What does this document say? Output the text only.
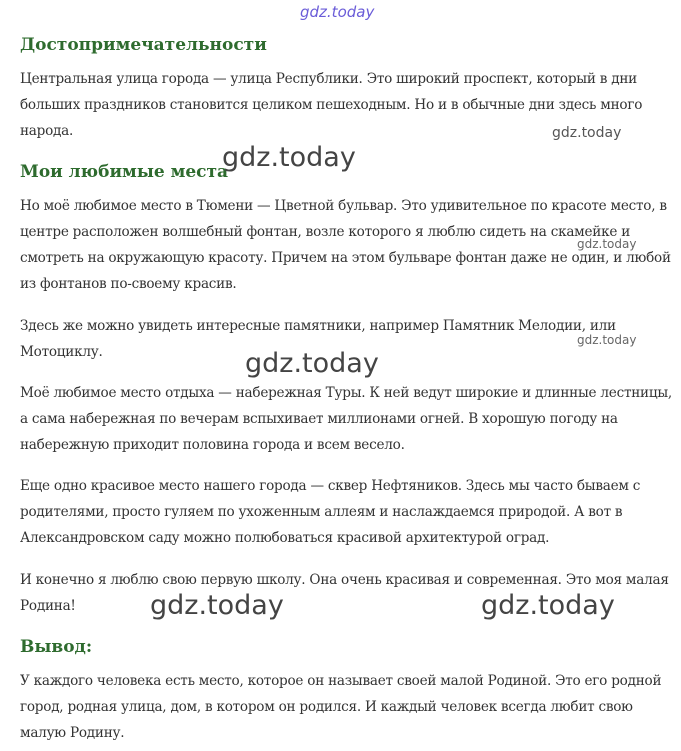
gdz.today
Достопримечательности

Центральная улица города — улица Республики. Это широкий проспект, который в дни больших праздников становится целиком пешеходным. Но и в обычные дни здесь много народа.

Мои любимые места

Но моё любимое место в Тюмени — Цветной бульвар. Это удивительное по красоте место, в центре расположен волшебный фонтан, возле которого я люблю сидеть на скамейке и смотреть на окружающую красоту. Причем на этом бульваре фонтан даже не один, и любой из фонтанов по-своему красив.

Здесь же можно увидеть интересные памятники, например Памятник Мелодии, или Мотоциклу.

Моё любимое место отдыха — набережная Туры. К ней ведут широкие и длинные лестницы, а сама набережная по вечерам вспыхивает миллионами огней. В хорошую погоду на набережную приходит половина города и всем весело.

Еще одно красивое место нашего города — сквер Нефтяников. Здесь мы часто бываем с родителями, просто гуляем по ухоженным аллеям и наслаждаемся природой. А вот в Александровском саду можно полюбоваться красивой архитектурой оград.

И конечно я люблю свою первую школу. Она очень красивая и современная. Это моя малая Родина!

Вывод:

У каждого человека есть место, которое он называет своей малой Родиной. Это его родной город, родная улица, дом, в котором он родился. И каждый человек всегда любит свою малую Родину.

gdz.today
gdz.today
gdz.today
gdz.today
gdz.today
gdz.today	gdz.today
